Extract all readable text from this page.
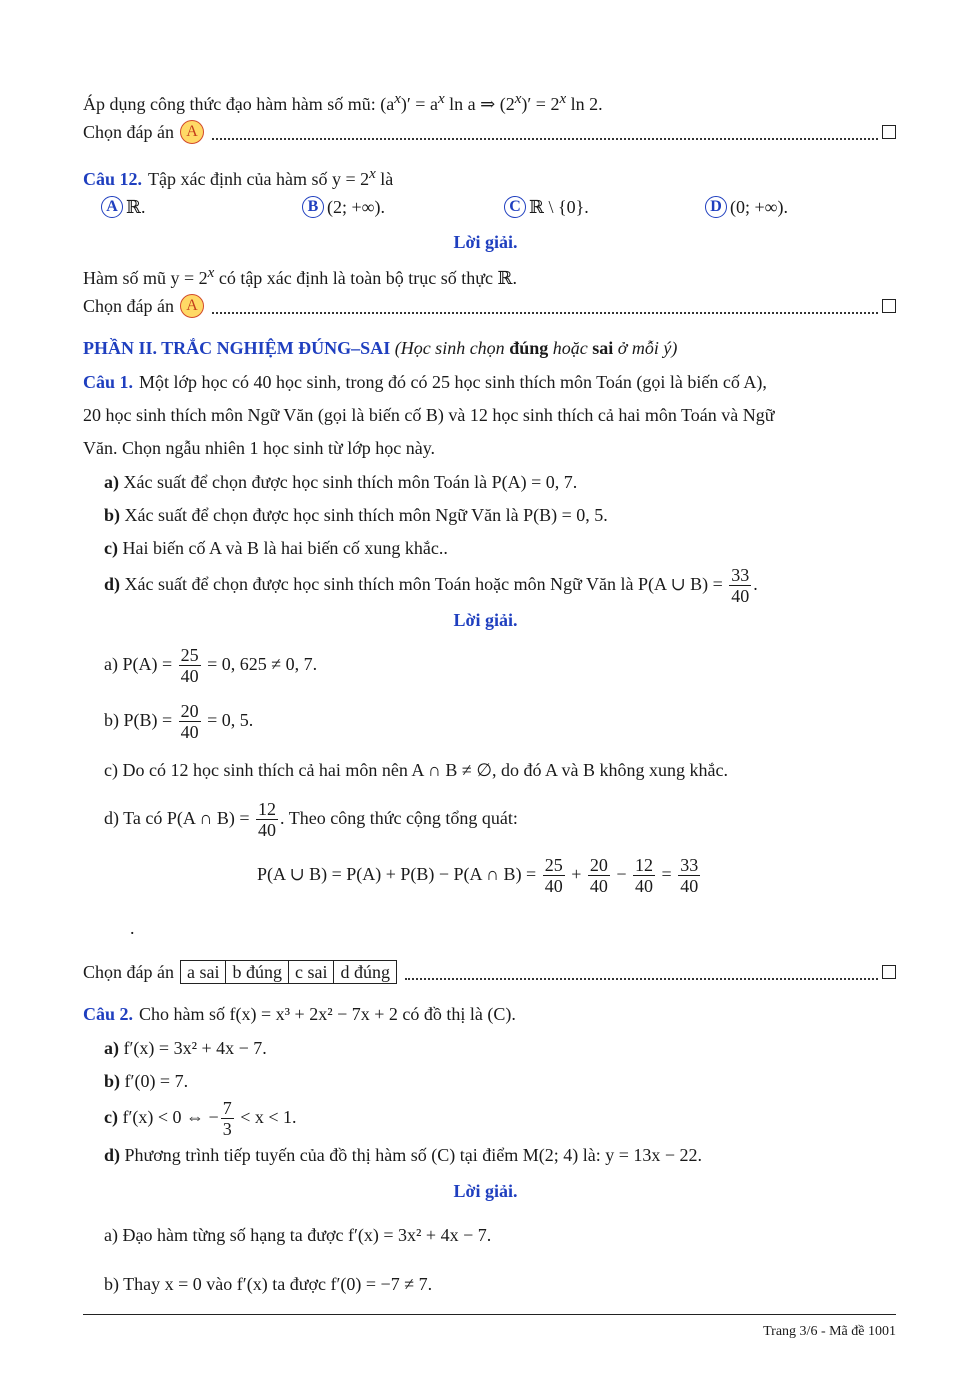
Áp dụng công thức đạo hàm hàm số mũ: $(a^x)' = a^x$ ln a ⇒ $(2^x)' = 2^x$ ln 2.
Chọn đáp án A
Câu 12. Tập xác định của hàm số $y = 2^x$ là
A ℝ.	B (2; +∞).	C ℝ \ {0}.	D (0; +∞).
Lời giải.
Hàm số mũ $y = 2^x$ có tập xác định là toàn bộ trục số thực ℝ.
Chọn đáp án A
PHẦN II. TRẮC NGHIỆM ĐÚNG–SAI (Học sinh chọn đúng hoặc sai ở mỗi ý)
Câu 1. Một lớp học có 40 học sinh, trong đó có 25 học sinh thích môn Toán (gọi là biến cố A),
20 học sinh thích môn Ngữ Văn (gọi là biến cố B) và 12 học sinh thích cả hai môn Toán và Ngữ
Văn. Chọn ngẫu nhiên 1 học sinh từ lớp học này.
a) Xác suất để chọn được học sinh thích môn Toán là P(A) = 0, 7.
b) Xác suất để chọn được học sinh thích môn Ngữ Văn là P(B) = 0, 5.
c) Hai biến cố A và B là hai biến cố xung khắc..
d) Xác suất để chọn được học sinh thích môn Toán hoặc môn Ngữ Văn là P(A ∪ $B) = \frac{33}{40}$ .
Lời giải.
a) $P(A) = \frac{25}{40} = 0$, 625 ≠ 0, 7.
b) $P(B) = \frac{20}{40} = 0$, 5.
c) Do có 12 học sinh thích cả hai môn nên A ∩ B ≠ ∅, do đó A và B không xung khắc.
d) Ta có P(A ∩ $B) = \frac{12}{40}$ . Theo công thức cộng tổng quát:
P(A ∪ B) = P(A) + P(B) − P(A ∩ $B) = \frac{25}{40} + \frac{20}{40} - \frac{12}{40} = \frac{33}{40}$
.
Chọn đáp án a sai b đúng c sai d đúng
Câu 2. Cho hàm số f(x) = x³ + 2x² − 7x + 2 có đồ thị là (C).
a) f′(x) = 3x² + 4x − 7.
b) f′(0) = 7.
c) f′(x) < 0 ⇔ − $\frac{7}{3} < x < 1$.
d) Phương trình tiếp tuyến của đồ thị hàm số (C) tại điểm M(2; 4) là: y = 13x − 22.
Lời giải.
a) Đạo hàm từng số hạng ta được f′(x) = 3x² + 4x − 7.
b) Thay x = 0 vào f′(x) ta được f′(0) = −7 ≠ 7.
Trang 3/6 - Mã đề 1001
